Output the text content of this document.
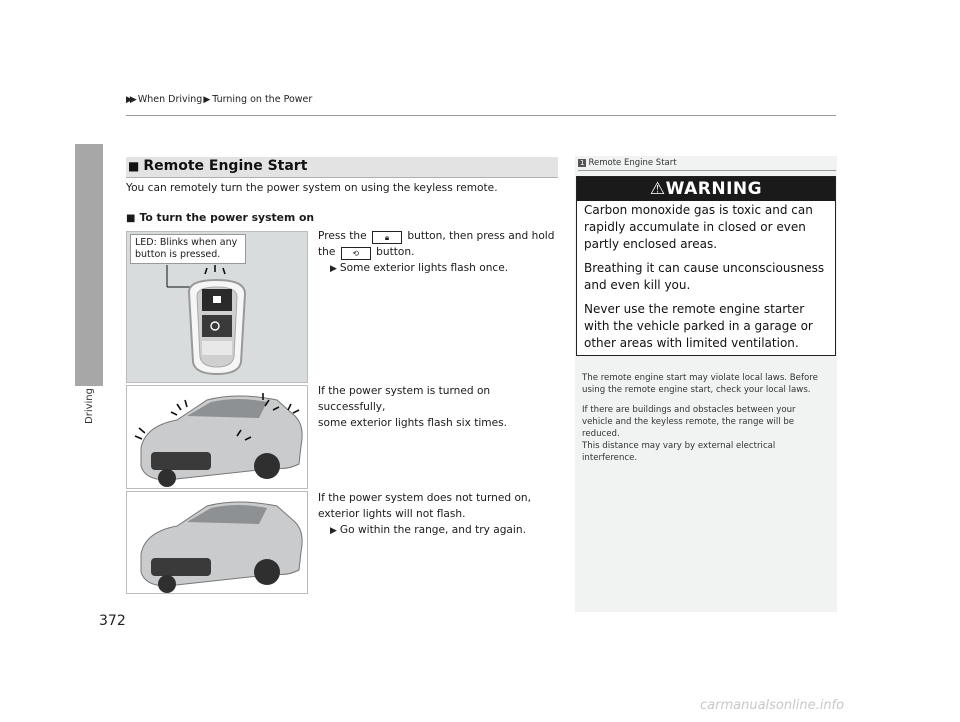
▶▶ When Driving▶ Turning on the Power
Driving
372
■ Remote Engine Start
You can remotely turn the power system on using the keyless remote.
■ To turn the power system on
LED: Blinks when any
button is pressed.
Press the 🔒︎ button, then press and hold
the ⟲ button.
▶ Some exterior lights flash once.
If the power system is turned on successfully,
some exterior lights flash six times.
If the power system does not turned on,
exterior lights will not flash.
▶ Go within the range, and try again.
1 Remote Engine Start
⚠WARNING
Carbon monoxide gas is toxic and can rapidly accumulate in closed or even partly enclosed areas.
Breathing it can cause unconsciousness and even kill you.
Never use the remote engine starter with the vehicle parked in a garage or other areas with limited ventilation.

The remote engine start may violate local laws. Before using the remote engine start, check your local laws.

If there are buildings and obstacles between your vehicle and the keyless remote, the range will be reduced.
This distance may vary by external electrical interference.

carmanualsonline.info
